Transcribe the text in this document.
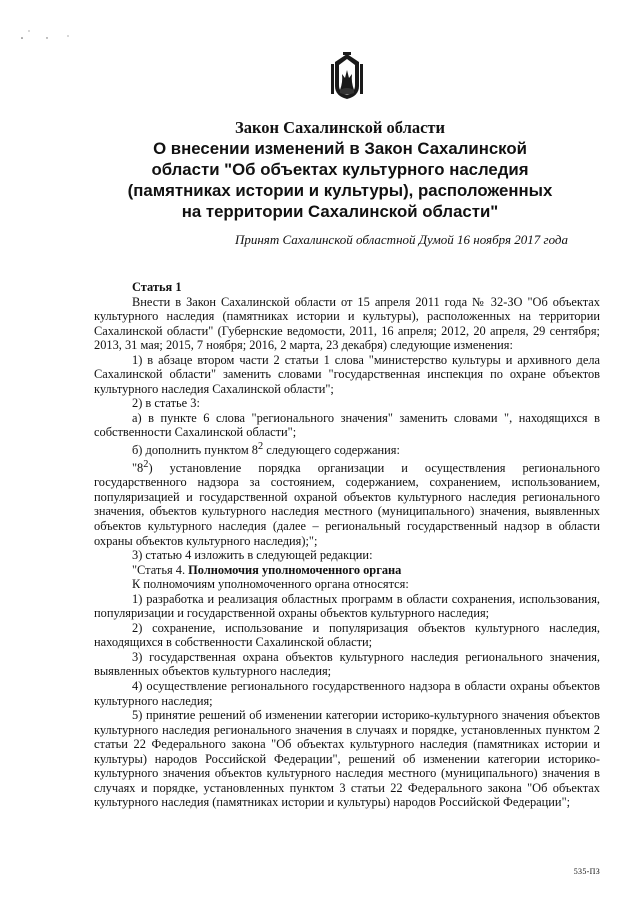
Закон Сахалинской области

О внесении изменений в Закон Сахалинской

области "Об объектах культурного наследия

(памятниках истории и культуры), расположенных

на территории Сахалинской области"

Принят Сахалинской областной Думой 16 ноября 2017 года

Статья 1

Внести в Закон Сахалинской области от 15 апреля 2011 года № 32-ЗО "Об объектах культурного наследия (памятниках истории и культуры), расположенных на территории Сахалинской области" (Губернские ведомости, 2011, 16 апреля; 2012, 20 апреля, 29 сентября; 2013, 31 мая; 2015, 7 ноября; 2016, 2 марта, 23 декабря) следующие изменения:

1) в абзаце втором части 2 статьи 1 слова "министерство культуры и архивного дела Сахалинской области" заменить словами "государственная инспекция по охране объектов культурного наследия Сахалинской области";

2) в статье 3:

а) в пункте 6 слова "регионального значения" заменить словами ", находящихся в собственности Сахалинской области";

б) дополнить пунктом $8^2$ следующего содержания:

"$8^2$) установление порядка организации и осуществления регионального государственного надзора за состоянием, содержанием, сохранением, использованием, популяризацией и государственной охраной объектов культурного наследия регионального значения, объектов культурного наследия местного (муниципального) значения, выявленных объектов культурного наследия (далее – региональный государственный надзор в области охраны объектов культурного наследия);";

3) статью 4 изложить в следующей редакции:

"Статья 4. Полномочия уполномоченного органа

К полномочиям уполномоченного органа относятся:

1) разработка и реализация областных программ в области сохранения, использования, популяризации и государственной охраны объектов культурного наследия;

2) сохранение, использование и популяризация объектов культурного наследия, находящихся в собственности Сахалинской области;

3) государственная охрана объектов культурного наследия регионального значения, выявленных объектов культурного наследия;

4) осуществление регионального государственного надзора в области охраны объектов культурного наследия;

5) принятие решений об изменении категории историко-культурного значения объектов культурного наследия регионального значения в случаях и порядке, установленных пунктом 2 статьи 22 Федерального закона "Об объектах культурного наследия (памятниках истории и культуры) народов Российской Федерации", решений об изменении категории историко-культурного значения объектов культурного наследия местного (муниципального) значения в случаях и порядке, установленных пунктом 3 статьи 22 Федерального закона "Об объектах культурного наследия (памятниках истории и культуры) народов Российской Федерации";

535-ПЗ
